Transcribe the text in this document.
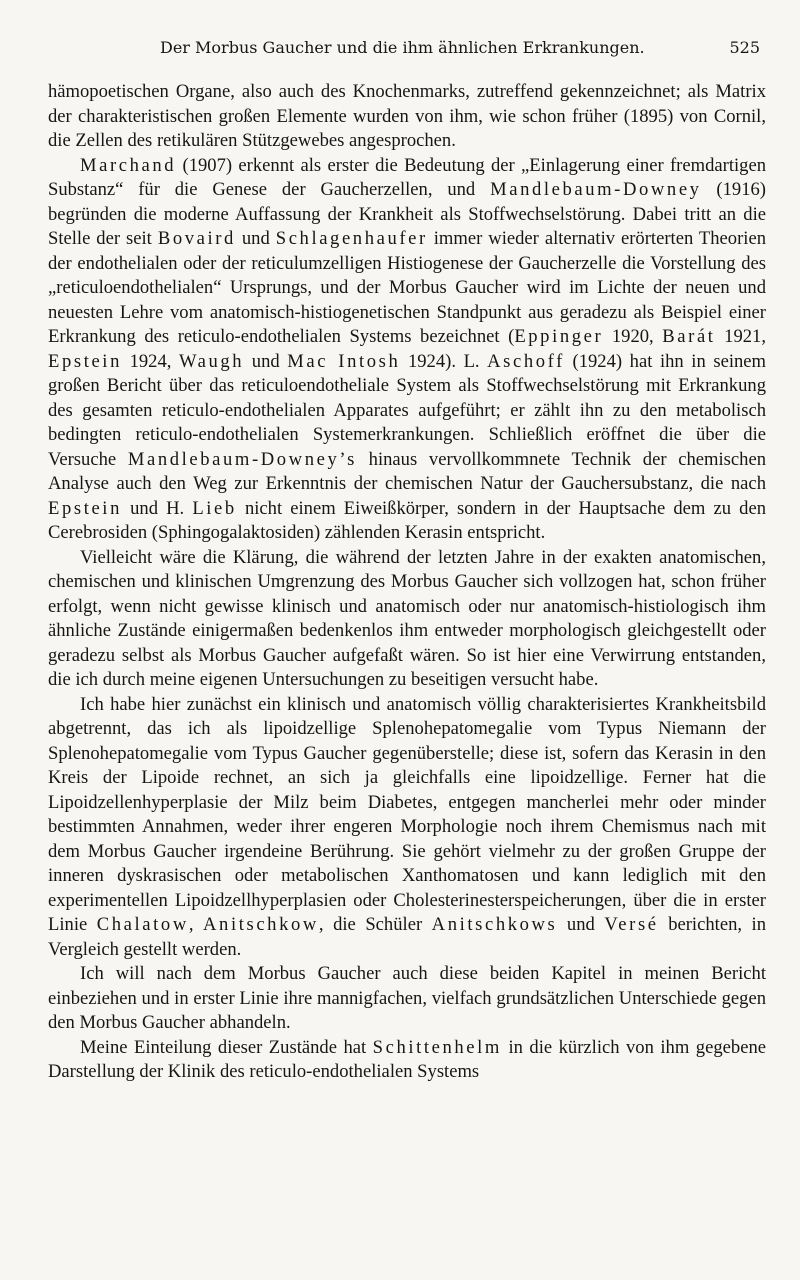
Der Morbus Gaucher und die ihm ähnlichen Erkrankungen.	525

hämopoetischen Organe, also auch des Knochenmarks, zutreffend gekennzeichnet; als Matrix der charakteristischen großen Elemente wurden von ihm, wie schon früher (1895) von Cornil, die Zellen des retikulären Stützgewebes angesprochen.

Marchand (1907) erkennt als erster die Bedeutung der „Einlagerung einer fremdartigen Substanz“ für die Genese der Gaucherzellen, und Mandlebaum-Downey (1916) begründen die moderne Auffassung der Krankheit als Stoffwechselstörung. Dabei tritt an die Stelle der seit Bovaird und Schlagenhaufer immer wieder alternativ erörterten Theorien der endothelialen oder der reticulumzelligen Histiogenese der Gaucherzelle die Vorstellung des „reticuloendothelialen“ Ursprungs, und der Morbus Gaucher wird im Lichte der neuen und neuesten Lehre vom anatomisch-histiogenetischen Standpunkt aus geradezu als Beispiel einer Erkrankung des reticulo-endothelialen Systems bezeichnet (Eppinger 1920, Barát 1921, Epstein 1924, Waugh und Mac Intosh 1924). L. Aschoff (1924) hat ihn in seinem großen Bericht über das reticuloendotheliale System als Stoffwechselstörung mit Erkrankung des gesamten reticulo-endothelialen Apparates aufgeführt; er zählt ihn zu den metabolisch bedingten reticulo-endothelialen Systemerkrankungen. Schließlich eröffnet die über die Versuche Mandlebaum-Downey’s hinaus vervollkommnete Technik der chemischen Analyse auch den Weg zur Erkenntnis der chemischen Natur der Gauchersubstanz, die nach Epstein und H. Lieb nicht einem Eiweißkörper, sondern in der Hauptsache dem zu den Cerebrosiden (Sphingogalaktosiden) zählenden Kerasin entspricht.

Vielleicht wäre die Klärung, die während der letzten Jahre in der exakten anatomischen, chemischen und klinischen Umgrenzung des Morbus Gaucher sich vollzogen hat, schon früher erfolgt, wenn nicht gewisse klinisch und anatomisch oder nur anatomisch-histiologisch ihm ähnliche Zustände einigermaßen bedenkenlos ihm entweder morphologisch gleichgestellt oder geradezu selbst als Morbus Gaucher aufgefaßt wären. So ist hier eine Verwirrung entstanden, die ich durch meine eigenen Untersuchungen zu beseitigen versucht habe.

Ich habe hier zunächst ein klinisch und anatomisch völlig charakterisiertes Krankheitsbild abgetrennt, das ich als lipoidzellige Splenohepatomegalie vom Typus Niemann der Splenohepatomegalie vom Typus Gaucher gegenüberstelle; diese ist, sofern das Kerasin in den Kreis der Lipoide rechnet, an sich ja gleichfalls eine lipoidzellige. Ferner hat die Lipoidzellenhyperplasie der Milz beim Diabetes, entgegen mancherlei mehr oder minder bestimmten Annahmen, weder ihrer engeren Morphologie noch ihrem Chemismus nach mit dem Morbus Gaucher irgendeine Berührung. Sie gehört vielmehr zu der großen Gruppe der inneren dyskrasischen oder metabolischen Xanthomatosen und kann lediglich mit den experimentellen Lipoidzellhyperplasien oder Cholesterinesterspeicherungen, über die in erster Linie Chalatow, Anitschkow, die Schüler Anitschkows und Versé berichten, in Vergleich gestellt werden.

Ich will nach dem Morbus Gaucher auch diese beiden Kapitel in meinen Bericht einbeziehen und in erster Linie ihre mannigfachen, vielfach grundsätzlichen Unterschiede gegen den Morbus Gaucher abhandeln.

Meine Einteilung dieser Zustände hat Schittenhelm in die kürzlich von ihm gegebene Darstellung der Klinik des reticulo-endothelialen Systems
